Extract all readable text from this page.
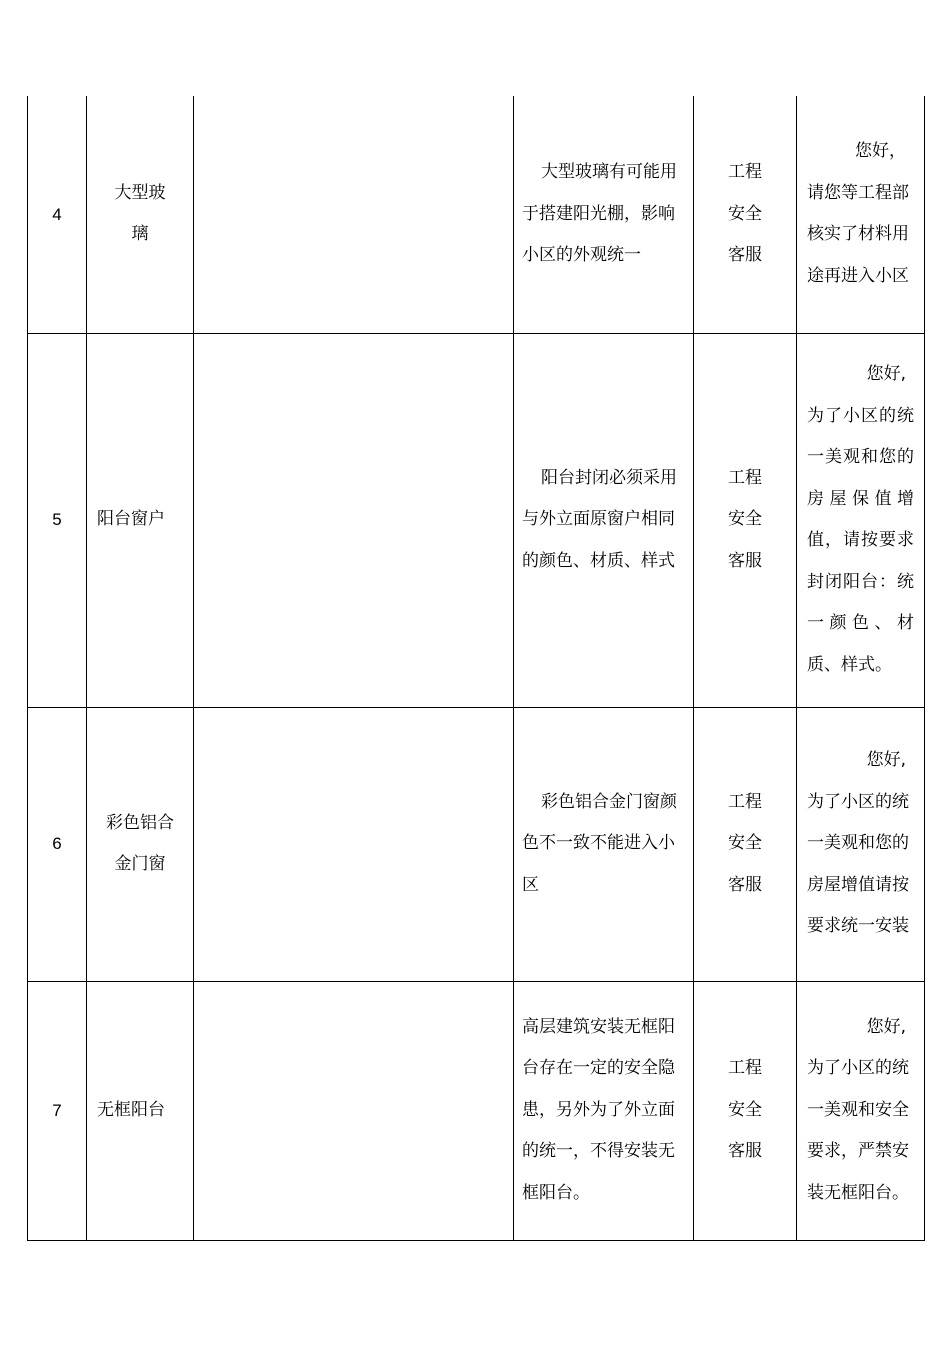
4	大型玻
璃		大型玻璃有可能用于搭建阳光棚，影响小区的外观统一	工程
安全
客服	您好，
请您等工程部核实了材料用途再进入小区
5	阳台窗户		阳台封闭必须采用与外立面原窗户相同的颜色、材质、样式	工程
安全
客服	您好,
为了小区的统一美观和您的房屋保值增值，请按要求封闭阳台：统一颜色、材质、样式。
6	彩色铝合
金门窗		彩色铝合金门窗颜色不一致不能进入小区	工程
安全
客服	您好,
为了小区的统一美观和您的房屋增值请按要求统一安装
7	无框阳台		高层建筑安装无框阳台存在一定的安全隐患，另外为了外立面的统一，不得安装无框阳台。	工程
安全
客服	您好,
为了小区的统一美观和安全要求，严禁安装无框阳台。
